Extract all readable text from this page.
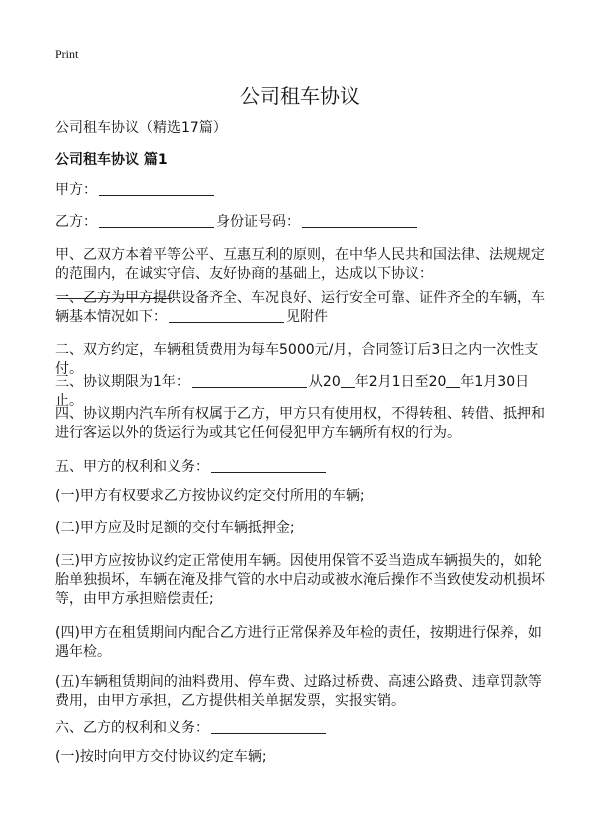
Print
公司租车协议
公司租车协议（精选17篇）
公司租车协议 篇1
甲方：
乙方：	身份证号码：
甲、乙双方本着平等公平、互惠互利的原则，在中华人民共和国法律、法规规定的范围内，在诚实守信、友好协商的基础上，达成以下协议：
一、乙方为甲方提供设备齐全、车况良好、运行安全可靠、证件齐全的车辆，车辆基本情况如下：	见附件
二、双方约定，车辆租赁费用为每车5000元/月，合同签订后3日之内一次性支付。
三、协议期限为1年：	从20 年2月1日至20 年1月30日止。
四、协议期内汽车所有权属于乙方，甲方只有使用权，不得转租、转借、抵押和进行客运以外的货运行为或其它任何侵犯甲方车辆所有权的行为。
五、甲方的权利和义务：
(一)甲方有权要求乙方按协议约定交付所用的车辆;
(二)甲方应及时足额的交付车辆抵押金;
(三)甲方应按协议约定正常使用车辆。因使用保管不妥当造成车辆损失的，如轮胎单独损坏，车辆在淹及排气管的水中启动或被水淹后操作不当致使发动机损坏等，由甲方承担赔偿责任;
(四)甲方在租赁期间内配合乙方进行正常保养及年检的责任，按期进行保养，如遇年检。
(五)车辆租赁期间的油料费用、停车费、过路过桥费、高速公路费、违章罚款等费用，由甲方承担，乙方提供相关单据发票，实报实销。
六、乙方的权利和义务：
(一)按时向甲方交付协议约定车辆;
